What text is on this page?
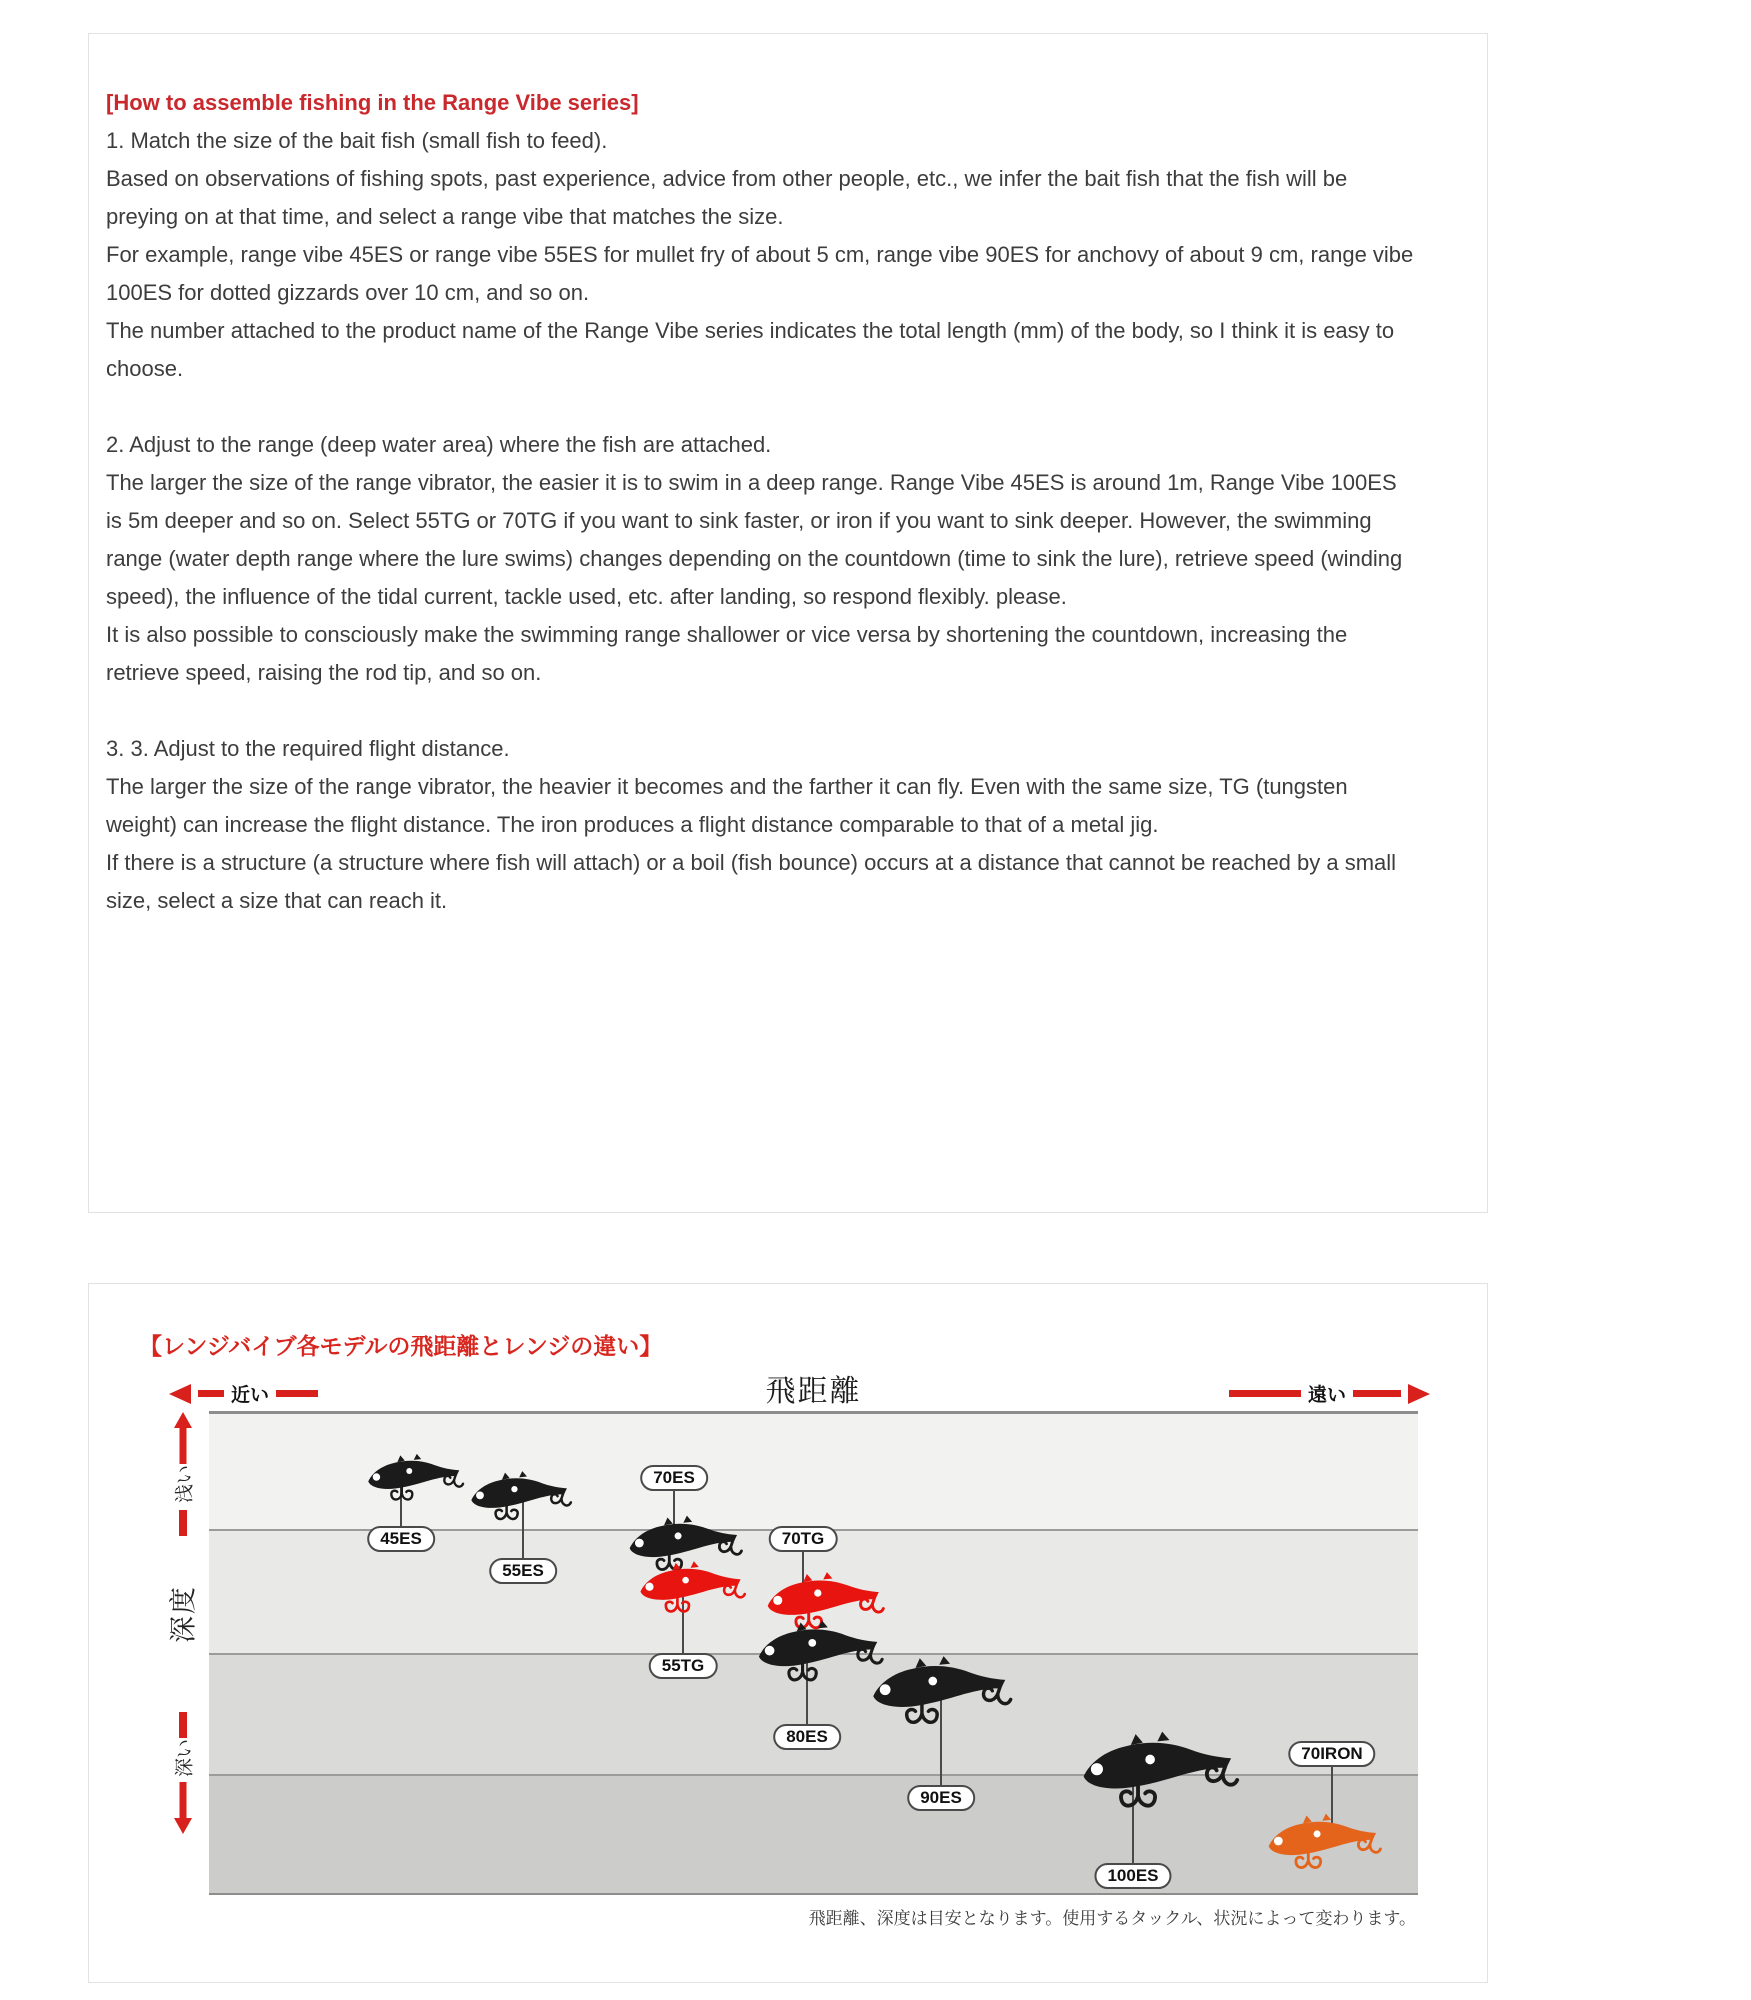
[How to assemble fishing in the Range Vibe series]

1. Match the size of the bait fish (small fish to feed).

Based on observations of fishing spots, past experience, advice from other people, etc., we infer the bait fish that the fish will be preying on at that time, and select a range vibe that matches the size.

For example, range vibe 45ES or range vibe 55ES for mullet fry of about 5 cm, range vibe 90ES for anchovy of about 9 cm, range vibe 100ES for dotted gizzards over 10 cm, and so on.

The number attached to the product name of the Range Vibe series indicates the total length (mm) of the body, so I think it is easy to choose.

2. Adjust to the range (deep water area) where the fish are attached.

The larger the size of the range vibrator, the easier it is to swim in a deep range. Range Vibe 45ES is around 1m, Range Vibe 100ES is 5m deeper and so on. Select 55TG or 70TG if you want to sink faster, or iron if you want to sink deeper. However, the swimming range (water depth range where the lure swims) changes depending on the countdown (time to sink the lure), retrieve speed (winding speed), the influence of the tidal current, tackle used, etc. after landing, so respond flexibly. please.

It is also possible to consciously make the swimming range shallower or vice versa by shortening the countdown, increasing the retrieve speed, raising the rod tip, and so on.

3. 3. Adjust to the required flight distance.

The larger the size of the range vibrator, the heavier it becomes and the farther it can fly. Even with the same size, TG (tungsten weight) can increase the flight distance. The iron produces a flight distance comparable to that of a metal jig.

If there is a structure (a structure where fish will attach) or a boil (fish bounce) occurs at a distance that cannot be reached by a small size, select a size that can reach it.

【レンジバイブ各モデルの飛距離とレンジの違い】
飛距離
近い	遠い
浅い
深度
深い
45ES
55ES
70ES
55TG
70TG
80ES
90ES
100ES
70IRON
飛距離、深度は目安となります。使用するタックル、状況によって変わります。
